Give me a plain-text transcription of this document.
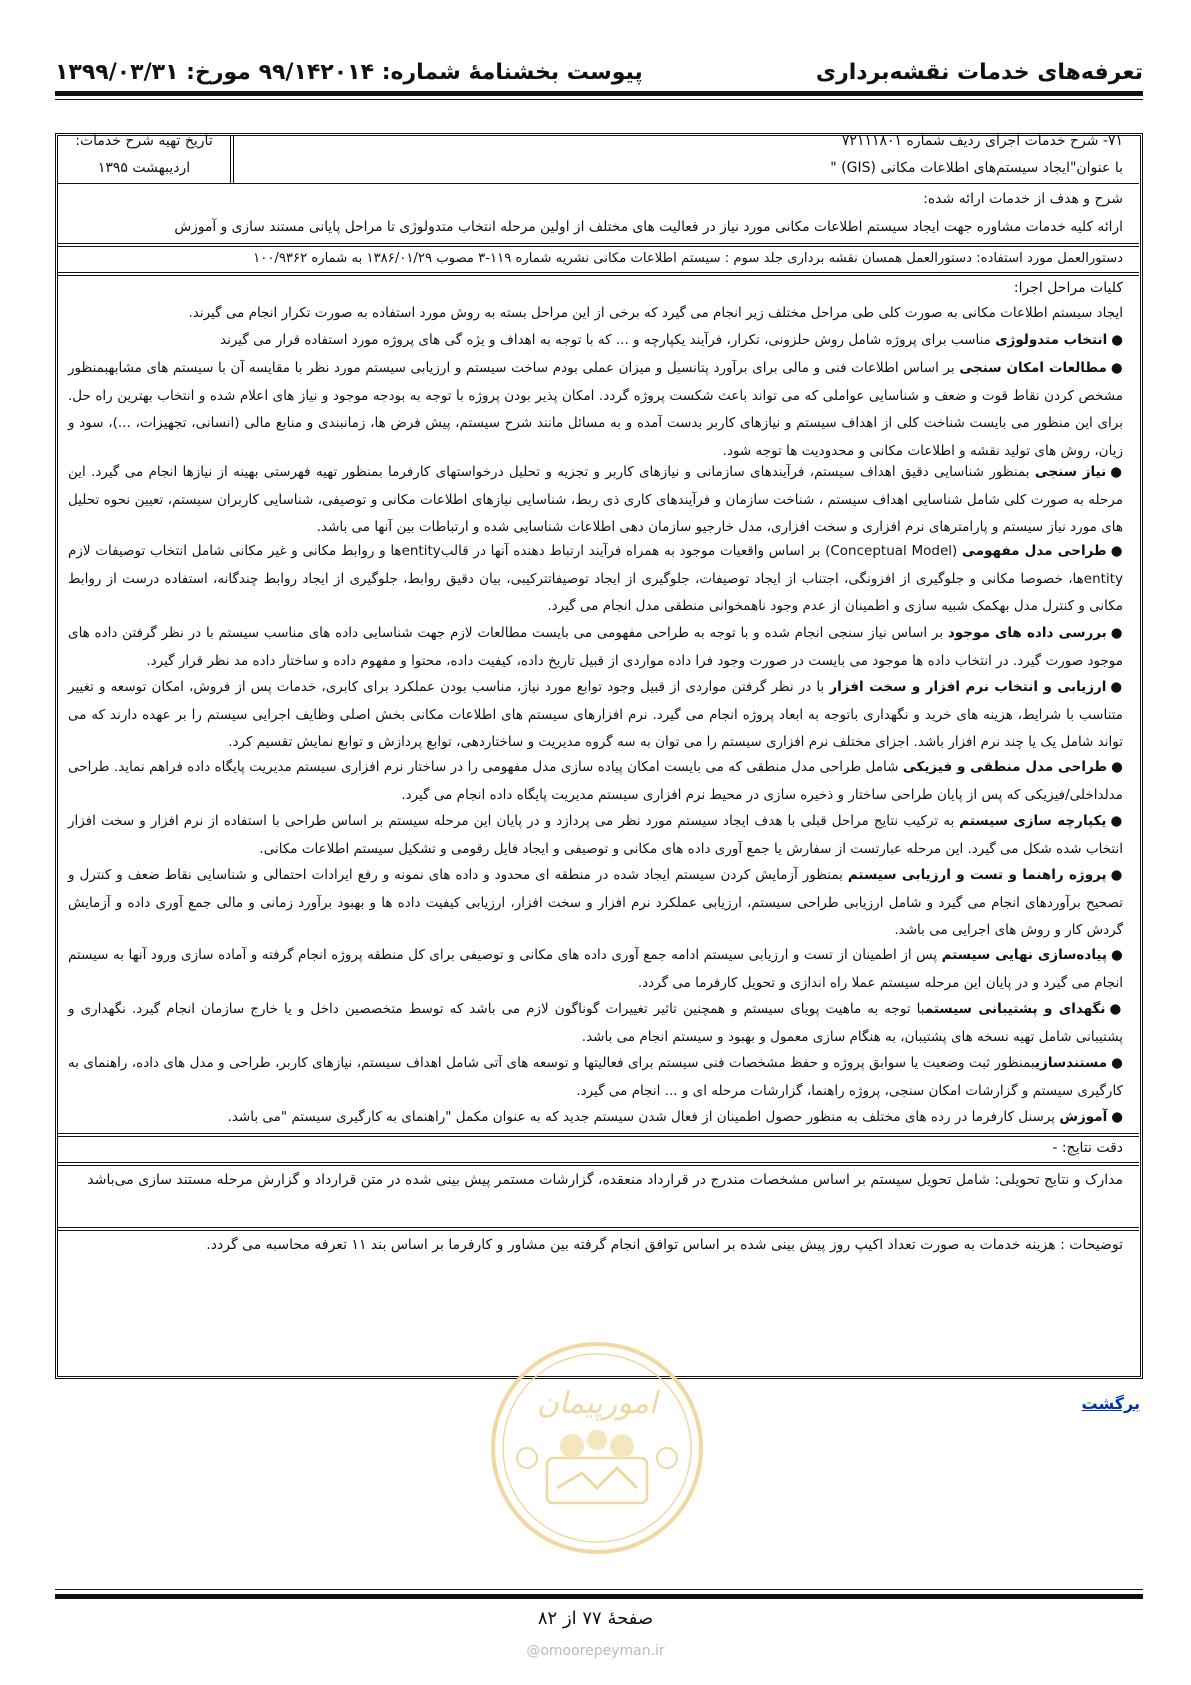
تعرفه‌های خدمات نقشه‌برداری
پیوست بخشنامۀ شماره: ۹۹/۱۴۲۰۱۴ مورخ: ۱۳۹۹/۰۳/۳۱
۷۱- شرح خدمات اجرای ردیف شماره ۷۲۱۱۱۸۰۱
با عنوان"ایجاد سیستم‌های اطلاعات مکانی (GIS) "
تاریخ تهیه شرح خدمات:
اردیبهشت ۱۳۹۵
شرح و هدف از خدمات ارائه شده:
ارائه کلیه خدمات مشاوره جهت ایجاد سیستم اطلاعات مکانی مورد نیاز در فعالیت های مختلف از اولین مرحله انتخاب متدولوژی تا مراحل پایانی مستند سازی و آموزش
دستورالعمل مورد استفاده: دستورالعمل همسان نقشه برداری جلد سوم : سیستم اطلاعات مکانی نشریه شماره ۱۱۹-۳ مصوب ۱۳۸۶/۰۱/۲۹ به شماره ۱۰۰/۹۳۶۲
کلیات مراحل اجرا:
ایجاد سیستم اطلاعات مکانی به صورت کلی طی مراحل مختلف زیر انجام می گیرد که برخی از این مراحل بسته به روش مورد استفاده به صورت تکرار انجام می گیرند.
●انتخاب متدولوژی مناسب برای پروژه شامل روش حلزونی، تکرار، فرآیند یکپارچه و ... که با توجه به اهداف و یژه گی های پروژه مورد استفاده قرار می گیرند
●مطالعات امکان سنجی بر اساس اطلاعات فنی و مالی برای برآورد پتانسیل و میزان عملی بودم ساخت سیستم و ارزیابی سیستم مورد نظر با مقایسه آن با سیستم های مشابهبمنظور مشخص کردن نقاط قوت و ضعف و شناسایی عواملی که می تواند باعث شکست پروژه گردد. امکان پذیر بودن پروژه با توجه به بودجه موجود و نیاز های اعلام شده و انتخاب بهترین راه حل. برای این منظور می بایست شناخت کلی از اهداف سیستم و نیازهای کاربر بدست آمده و به مسائل مانند شرح سیستم، پیش فرض ها، زمانبندی و منابع مالی (انسانی، تجهیزات، ...)، سود و زیان، روش های تولید نقشه و اطلاعات مکانی و محدودیت ها توجه شود.
●نیاز سنجی بمنظور شناسایی دقیق اهداف سیستم، فرآیندهای سازمانی و نیازهای کاربر و تجزیه و تحلیل درخواستهای کارفرما بمنظور تهیه فهرستی بهینه از نیازها انجام می گیرد. این مرحله به صورت کلی شامل شناسایی اهداف سیستم ، شناخت سازمان و فرآیندهای کاری ذی ربط، شناسایی نیازهای اطلاعات مکانی و توصیفی، شناسایی کاربران سیستم، تعیین نحوه تحلیل های مورد نیاز سیستم و پارامترهای نرم افزاری و سخت افزاری، مدل خارجیو سازمان دهی اطلاعات شناسایی شده و ارتباطات بین آنها می باشد.
●طراحی مدل مفهومی (Conceptual Model) بر اساس واقعیات موجود به همراه فرآیند ارتباط دهنده آنها در قالبentityها و روابط مکانی و غیر مکانی شامل انتخاب توصیفات لازم entityها، خصوصا مکانی و جلوگیری از افزونگی، اجتناب از ایجاد توصیفات، جلوگیری از ایجاد توصیفاتترکیبی، بیان دقیق روابط، جلوگیری از ایجاد روابط چندگانه، استفاده درست از روابط مکانی و کنترل مدل بهکمک شبیه سازی و اطمینان از عدم وجود ناهمخوانی منطقی مدل انجام می گیرد.
●بررسی داده های موجود بر اساس نیاز سنجی انجام شده و با توجه به طراحی مفهومی می بایست مطالعات لازم جهت شناسایی داده های مناسب سیستم با در نظر گرفتن داده های موجود صورت گیرد. در انتخاب داده ها موجود می بایست در صورت وجود فرا داده مواردی از قبیل تاریخ داده، کیفیت داده، محتوا و مفهوم داده و ساختار داده مد نظر قرار گیرد.
●ارزیابی و انتخاب نرم افزار و سخت افزار با در نظر گرفتن مواردی از قبیل وجود توابع مورد نیاز، مناسب بودن عملکرد برای کابری، خدمات پس از فروش، امکان توسعه و تغییر متناسب با شرایط، هزینه های خرید و نگهداری باتوجه به ابعاد پروژه انجام می گیرد. نرم افزارهای سیستم های اطلاعات مکانی بخش اصلی وظایف اجرایی سیستم را بر عهده دارند که می تواند شامل یک یا چند نرم افزار باشد. اجزای مختلف نرم افزاری سیستم را می توان به سه گروه مدیریت و ساختاردهی، توابع پردازش و توابع نمایش تقسیم کرد.
●طراحی مدل منطقی و فیزیکی شامل طراحی مدل منطقی که می بایست امکان پیاده سازی مدل مفهومی را در ساختار نرم افزاری سیستم مدیریت پایگاه داده فراهم نماید. طراحی مدلداخلی/فیزیکی که پس از پایان طراحی ساختار و ذخیره سازی در محیط نرم افزاری سیستم مدیریت پایگاه داده انجام می گیرد.
●یکپارچه سازی سیستم به ترکیب نتایج مراحل قبلی با هدف ایجاد سیستم مورد نظر می پردازد و در پایان این مرحله سیستم بر اساس طراحی با استفاده از نرم افزار و سخت افزار انتخاب شده شکل می گیرد. این مرحله عبارتست از سفارش یا جمع آوری داده های مکانی و توصیفی و ایجاد فایل رقومی و تشکیل سیستم اطلاعات مکانی.
●پروژه راهنما و تست و ارزیابی سیستم بمنظور آزمایش کردن سیستم ایجاد شده در منطقه ای محدود و داده های نمونه و رفع ایرادات احتمالی و شناسایی نقاط ضعف و کنترل و تصحیح برآوردهای انجام می گیرد و شامل ارزیابی طراحی سیستم، ارزیابی عملکرد نرم افزار و سخت افزار، ارزیابی کیفیت داده ها و بهبود برآورد زمانی و مالی جمع آوری داده و آزمایش گردش کار و روش های اجرایی می باشد.
●پیاده‌سازی نهایی سیستم پس از اطمینان از تست و ارزیابی سیستم ادامه جمع آوری داده های مکانی و توصیفی برای کل منطقه پروژه انجام گرفته و آماده سازی ورود آنها به سیستم انجام می گیرد و در پایان این مرحله سیستم عملا راه اندازی و تحویل کارفرما می گردد.
●نگهدای و پشتیبانی سیستمبا توجه به ماهیت پویای سیستم و همچنین تاثیر تغییرات گوناگون لازم می باشد که توسط متخصصین داخل و یا خارج سازمان انجام گیرد. نگهداری و پشتیبانی شامل تهیه نسخه های پشتیبان، به هنگام سازی معمول و بهبود و سیستم انجام می باشد.
●مستندسازیبمنظور ثبت وضعیت یا سوابق پروژه و حفظ مشخصات فنی سیستم برای فعالیتها و توسعه های آتی شامل اهداف سیستم، نیازهای کاربر، طراحی و مدل های داده، راهنمای به کارگیری سیستم و گزارشات امکان سنجی، پروژه راهنما، گزارشات مرحله ای و ... انجام می گیرد.
●آموزش پرسنل کارفرما در رده های مختلف به منظور حصول اطمینان از فعال شدن سیستم جدید که به عنوان مکمل "راهنمای به کارگیری سیستم "می باشد.
دقت نتایج: -
مدارک و نتایج تحویلی: شامل تحویل سیستم بر اساس مشخصات مندرج در قرارداد منعقده، گزارشات مستمر پیش بینی شده در متن قرارداد و گزارش مرحله مستند سازی می‌باشد
توضیحات : هزینه خدمات به صورت تعداد اکیپ روز پیش بینی شده بر اساس توافق انجام گرفته بین مشاور و کارفرما بر اساس بند ۱۱ تعرفه محاسبه می گردد.
برگشت
امورپیمان
صفحۀ ۷۷ از ۸۲
@omoorepeyman.ir
